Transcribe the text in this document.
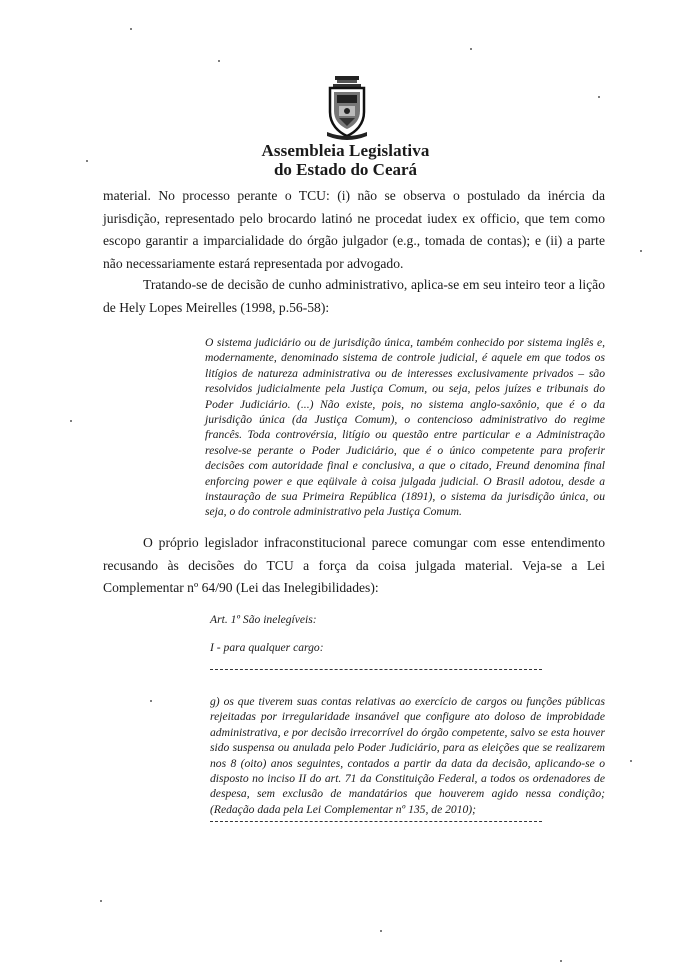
Assembleia Legislativa
do Estado do Ceará

material. No processo perante o TCU: (i) não se observa o postulado da inércia da jurisdição, representado pelo brocardo latinó ne procedat iudex ex officio, que tem como escopo garantir a imparcialidade do órgão julgador (e.g., tomada de contas); e (ii) a parte não necessariamente estará representada por advogado.

Tratando-se de decisão de cunho administrativo, aplica-se em seu inteiro teor a lição de Hely Lopes Meirelles (1998, p.56-58):

O sistema judiciário ou de jurisdição única, também conhecido por sistema inglês e, modernamente, denominado sistema de controle judicial, é aquele em que todos os litígios de natureza administrativa ou de interesses exclusivamente privados – são resolvidos judicialmente pela Justiça Comum, ou seja, pelos juízes e tribunais do Poder Judiciário. (...) Não existe, pois, no sistema anglo-saxônio, que é o da jurisdição única (da Justiça Comum), o contencioso administrativo do regime francês. Toda controvérsia, litígio ou questão entre particular e a Administração resolve-se perante o Poder Judiciário, que é o único competente para proferir decisões com autoridade final e conclusiva, a que o citado, Freund denomina final enforcing power e que eqüivale à coisa julgada judicial. O Brasil adotou, desde a instauração de sua Primeira República (1891), o sistema da jurisdição única, ou seja, o do controle administrativo pela Justiça Comum.

O próprio legislador infraconstitucional parece comungar com esse entendimento recusando às decisões do TCU a força da coisa julgada material. Veja-se a Lei Complementar nº 64/90 (Lei das Inelegibilidades):

Art. 1º São inelegíveis:

I - para qualquer cargo:

g) os que tiverem suas contas relativas ao exercício de cargos ou funções públicas rejeitadas por irregularidade insanável que configure ato doloso de improbidade administrativa, e por decisão irrecorrível do órgão competente, salvo se esta houver sido suspensa ou anulada pelo Poder Judiciário, para as eleições que se realizarem nos 8 (oito) anos seguintes, contados a partir da data da decisão, aplicando-se o disposto no inciso II do art. 71 da Constituição Federal, a todos os ordenadores de despesa, sem exclusão de mandatários que houverem agido nessa condição; (Redação dada pela Lei Complementar nº 135, de 2010);
